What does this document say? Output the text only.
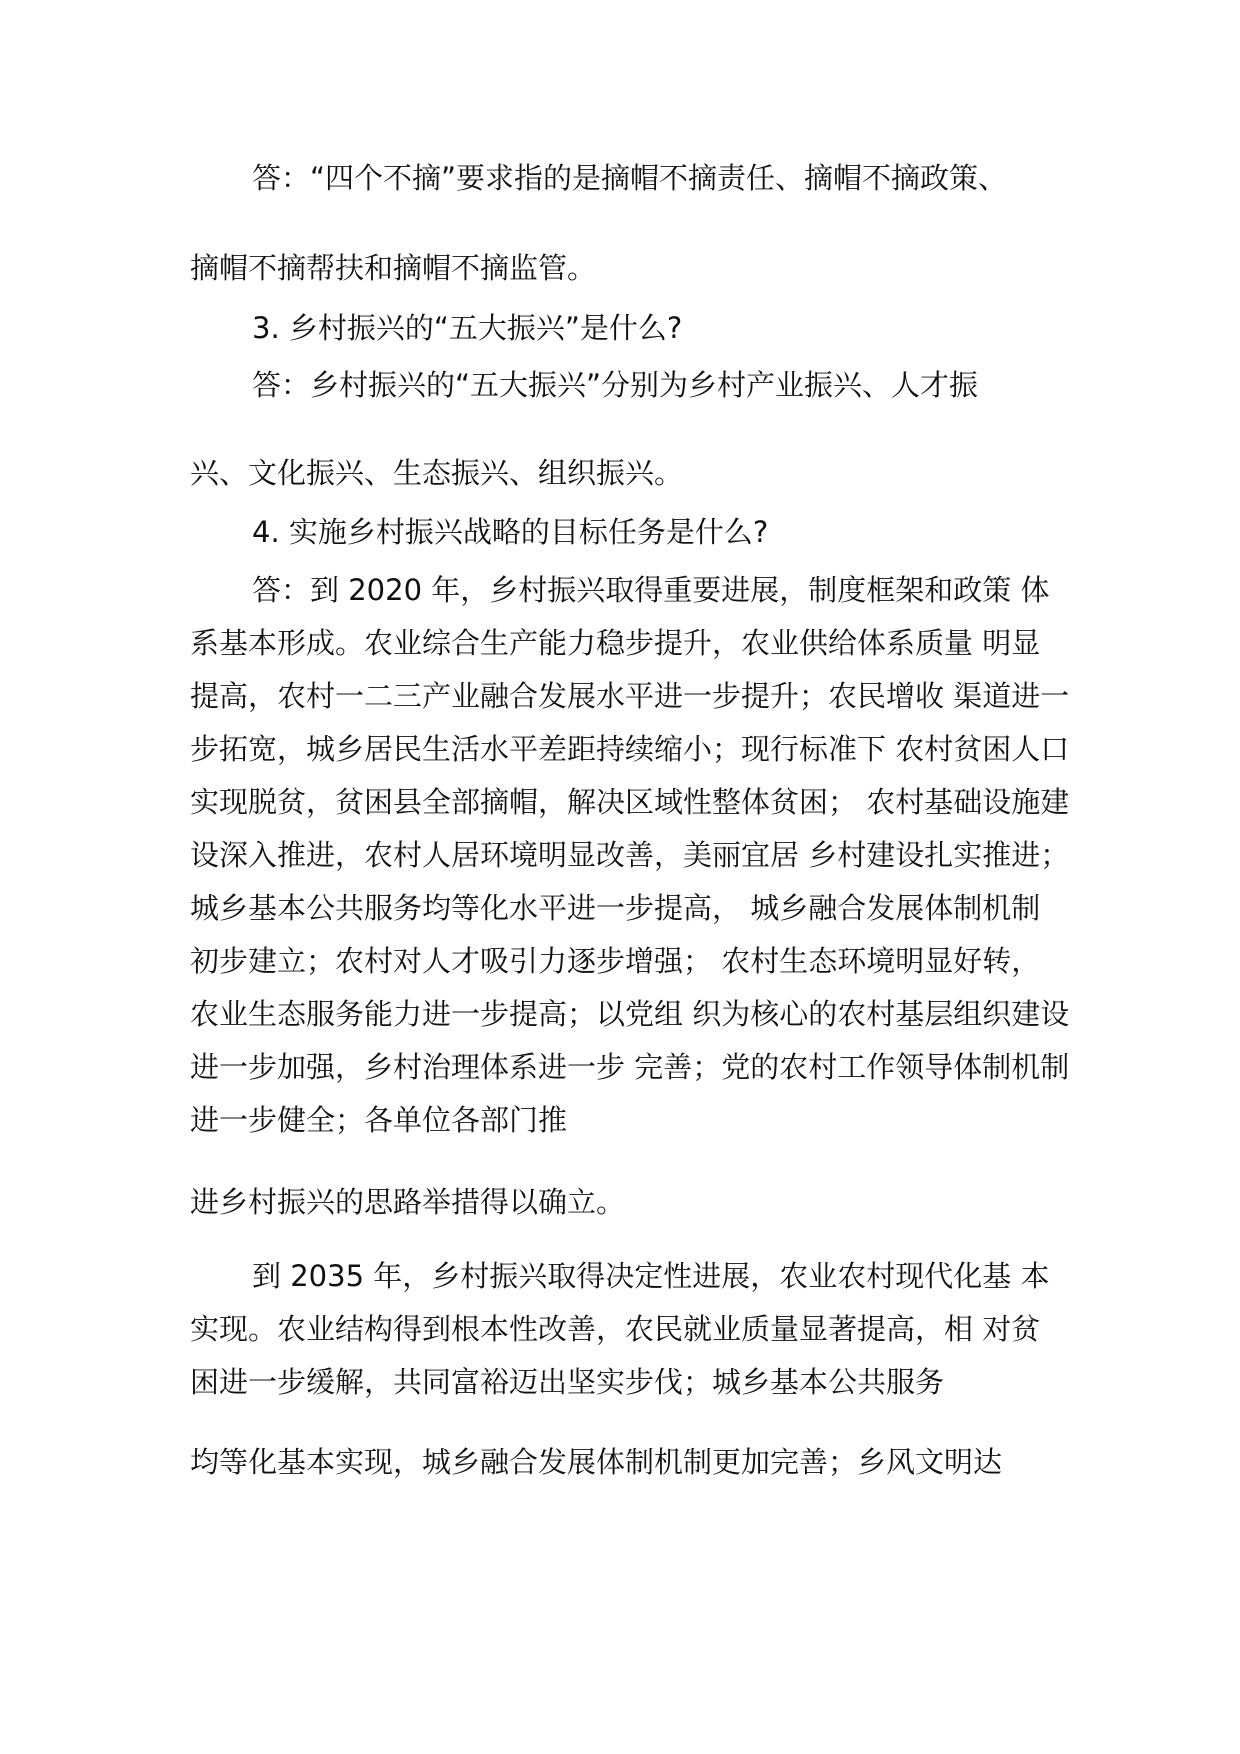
答：“四个不摘”要求指的是摘帽不摘责任、摘帽不摘政策、

摘帽不摘帮扶和摘帽不摘监管。

3. 乡村振兴的“五大振兴”是什么?

答：乡村振兴的“五大振兴”分别为乡村产业振兴、人才振

兴、文化振兴、生态振兴、组织振兴。

4. 实施乡村振兴战略的目标任务是什么?

答：到 2020 年，乡村振兴取得重要进展，制度框架和政策 体

系基本形成。农业综合生产能力稳步提升，农业供给体系质量 明显

提高，农村一二三产业融合发展水平进一步提升；农民增收 渠道进一

步拓宽，城乡居民生活水平差距持续缩小；现行标准下 农村贫困人口

实现脱贫，贫困县全部摘帽，解决区域性整体贫困； 农村基础设施建

设深入推进，农村人居环境明显改善，美丽宜居 乡村建设扎实推进；

城乡基本公共服务均等化水平进一步提高， 城乡融合发展体制机制

初步建立；农村对人才吸引力逐步增强； 农村生态环境明显好转，

农业生态服务能力进一步提高；以党组 织为核心的农村基层组织建设

进一步加强，乡村治理体系进一步 完善；党的农村工作领导体制机制

进一步健全；各单位各部门推

进乡村振兴的思路举措得以确立。

到 2035 年，乡村振兴取得决定性进展，农业农村现代化基 本

实现。农业结构得到根本性改善，农民就业质量显著提高，相 对贫

困进一步缓解，共同富裕迈出坚实步伐；城乡基本公共服务

均等化基本实现，城乡融合发展体制机制更加完善；乡风文明达
